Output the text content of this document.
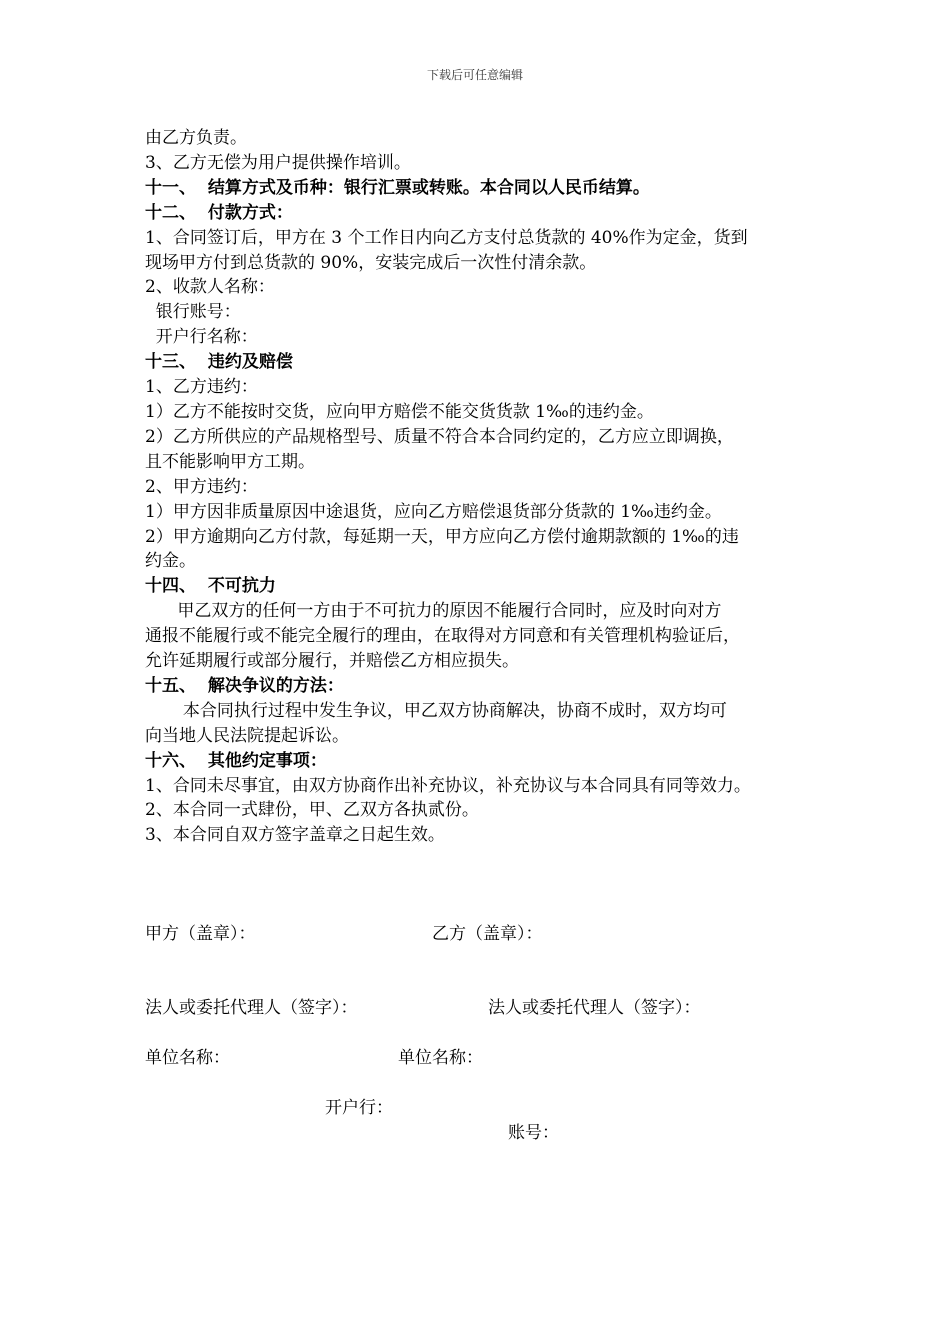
下载后可任意编辑
由乙方负责。
3、乙方无偿为用户提供操作培训。
十一、  结算方式及币种：银行汇票或转账。本合同以人民币结算。
十二、  付款方式：
1、合同签订后，甲方在 3 个工作日内向乙方支付总货款的 40%作为定金，货到
现场甲方付到总货款的 90%，安装完成后一次性付清余款。
2、收款人名称：
银行账号：
开户行名称：
十三、  违约及赔偿
1、乙方违约：
1）乙方不能按时交货，应向甲方赔偿不能交货货款 1‰的违约金。
2）乙方所供应的产品规格型号、质量不符合本合同约定的，乙方应立即调换，
且不能影响甲方工期。
2、甲方违约：
1）甲方因非质量原因中途退货，应向乙方赔偿退货部分货款的 1‰违约金。
2）甲方逾期向乙方付款，每延期一天，甲方应向乙方偿付逾期款额的 1‰的违
约金。
十四、  不可抗力
甲乙双方的任何一方由于不可抗力的原因不能履行合同时，应及时向对方
通报不能履行或不能完全履行的理由，在取得对方同意和有关管理机构验证后，
允许延期履行或部分履行，并赔偿乙方相应损失。
十五、  解决争议的方法：
本合同执行过程中发生争议，甲乙双方协商解决，协商不成时，双方均可
向当地人民法院提起诉讼。
十六、  其他约定事项：
1、合同未尽事宜，由双方协商作出补充协议，补充协议与本合同具有同等效力。
2、本合同一式肆份，甲、乙双方各执贰份。
3、本合同自双方签字盖章之日起生效。
甲方（盖章）：	乙方（盖章）：
法人或委托代理人（签字）：	法人或委托代理人（签字）：
单位名称：	单位名称：
开户行：
账号：
